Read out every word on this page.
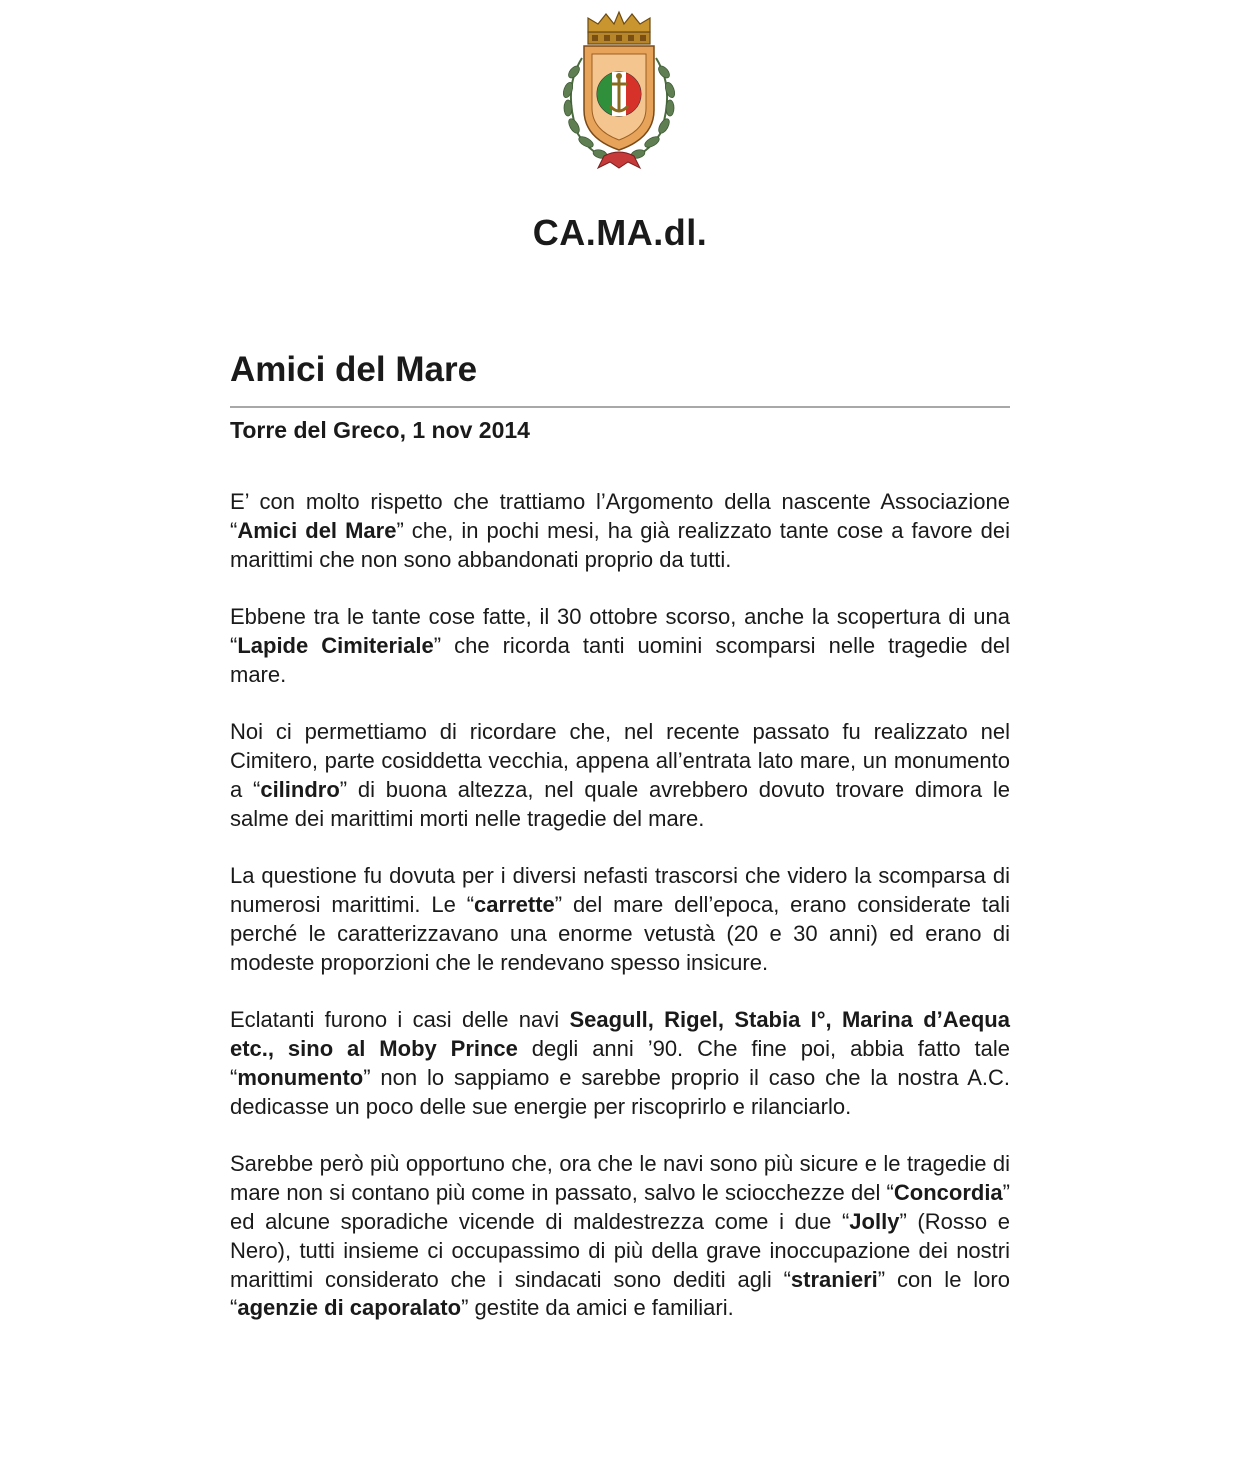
CA.MA.dl.
Amici del Mare

Torre del Greco, 1 nov 2014

E’ con molto rispetto che trattiamo l’Argomento della nascente Associazione “Amici del Mare” che, in pochi mesi, ha già realizzato tante cose a favore dei marittimi che non sono abbandonati proprio da tutti.

Ebbene tra le tante cose fatte, il 30 ottobre scorso, anche la scopertura di una “Lapide Cimiteriale” che ricorda tanti uomini scomparsi nelle tragedie del mare.

Noi ci permettiamo di ricordare che, nel recente passato fu realizzato nel Cimitero, parte cosiddetta vecchia, appena all’entrata lato mare, un monumento a “cilindro” di buona altezza, nel quale avrebbero dovuto trovare dimora le salme dei marittimi morti nelle tragedie del mare.

La questione fu dovuta per i diversi nefasti trascorsi che videro la scomparsa di numerosi marittimi. Le “carrette” del mare dell’epoca, erano considerate tali perché le caratterizzavano una enorme vetustà (20 e 30 anni) ed erano di modeste proporzioni che le rendevano spesso insicure.

Eclatanti furono i casi delle navi Seagull, Rigel, Stabia I°, Marina d’Aequa etc., sino al Moby Prince degli anni ’90. Che fine poi, abbia fatto tale “monumento” non lo sappiamo e sarebbe proprio il caso che la nostra A.C. dedicasse un poco delle sue energie per riscoprirlo e rilanciarlo.

Sarebbe però più opportuno che, ora che le navi sono più sicure e le tragedie di mare non si contano più come in passato, salvo le sciocchezze del “Concordia” ed alcune sporadiche vicende di maldestrezza come i due “Jolly” (Rosso e Nero), tutti insieme ci occupassimo di più della grave inoccupazione dei nostri marittimi considerato che i sindacati sono dediti agli “stranieri” con le loro “agenzie di caporalato” gestite da amici e familiari.
